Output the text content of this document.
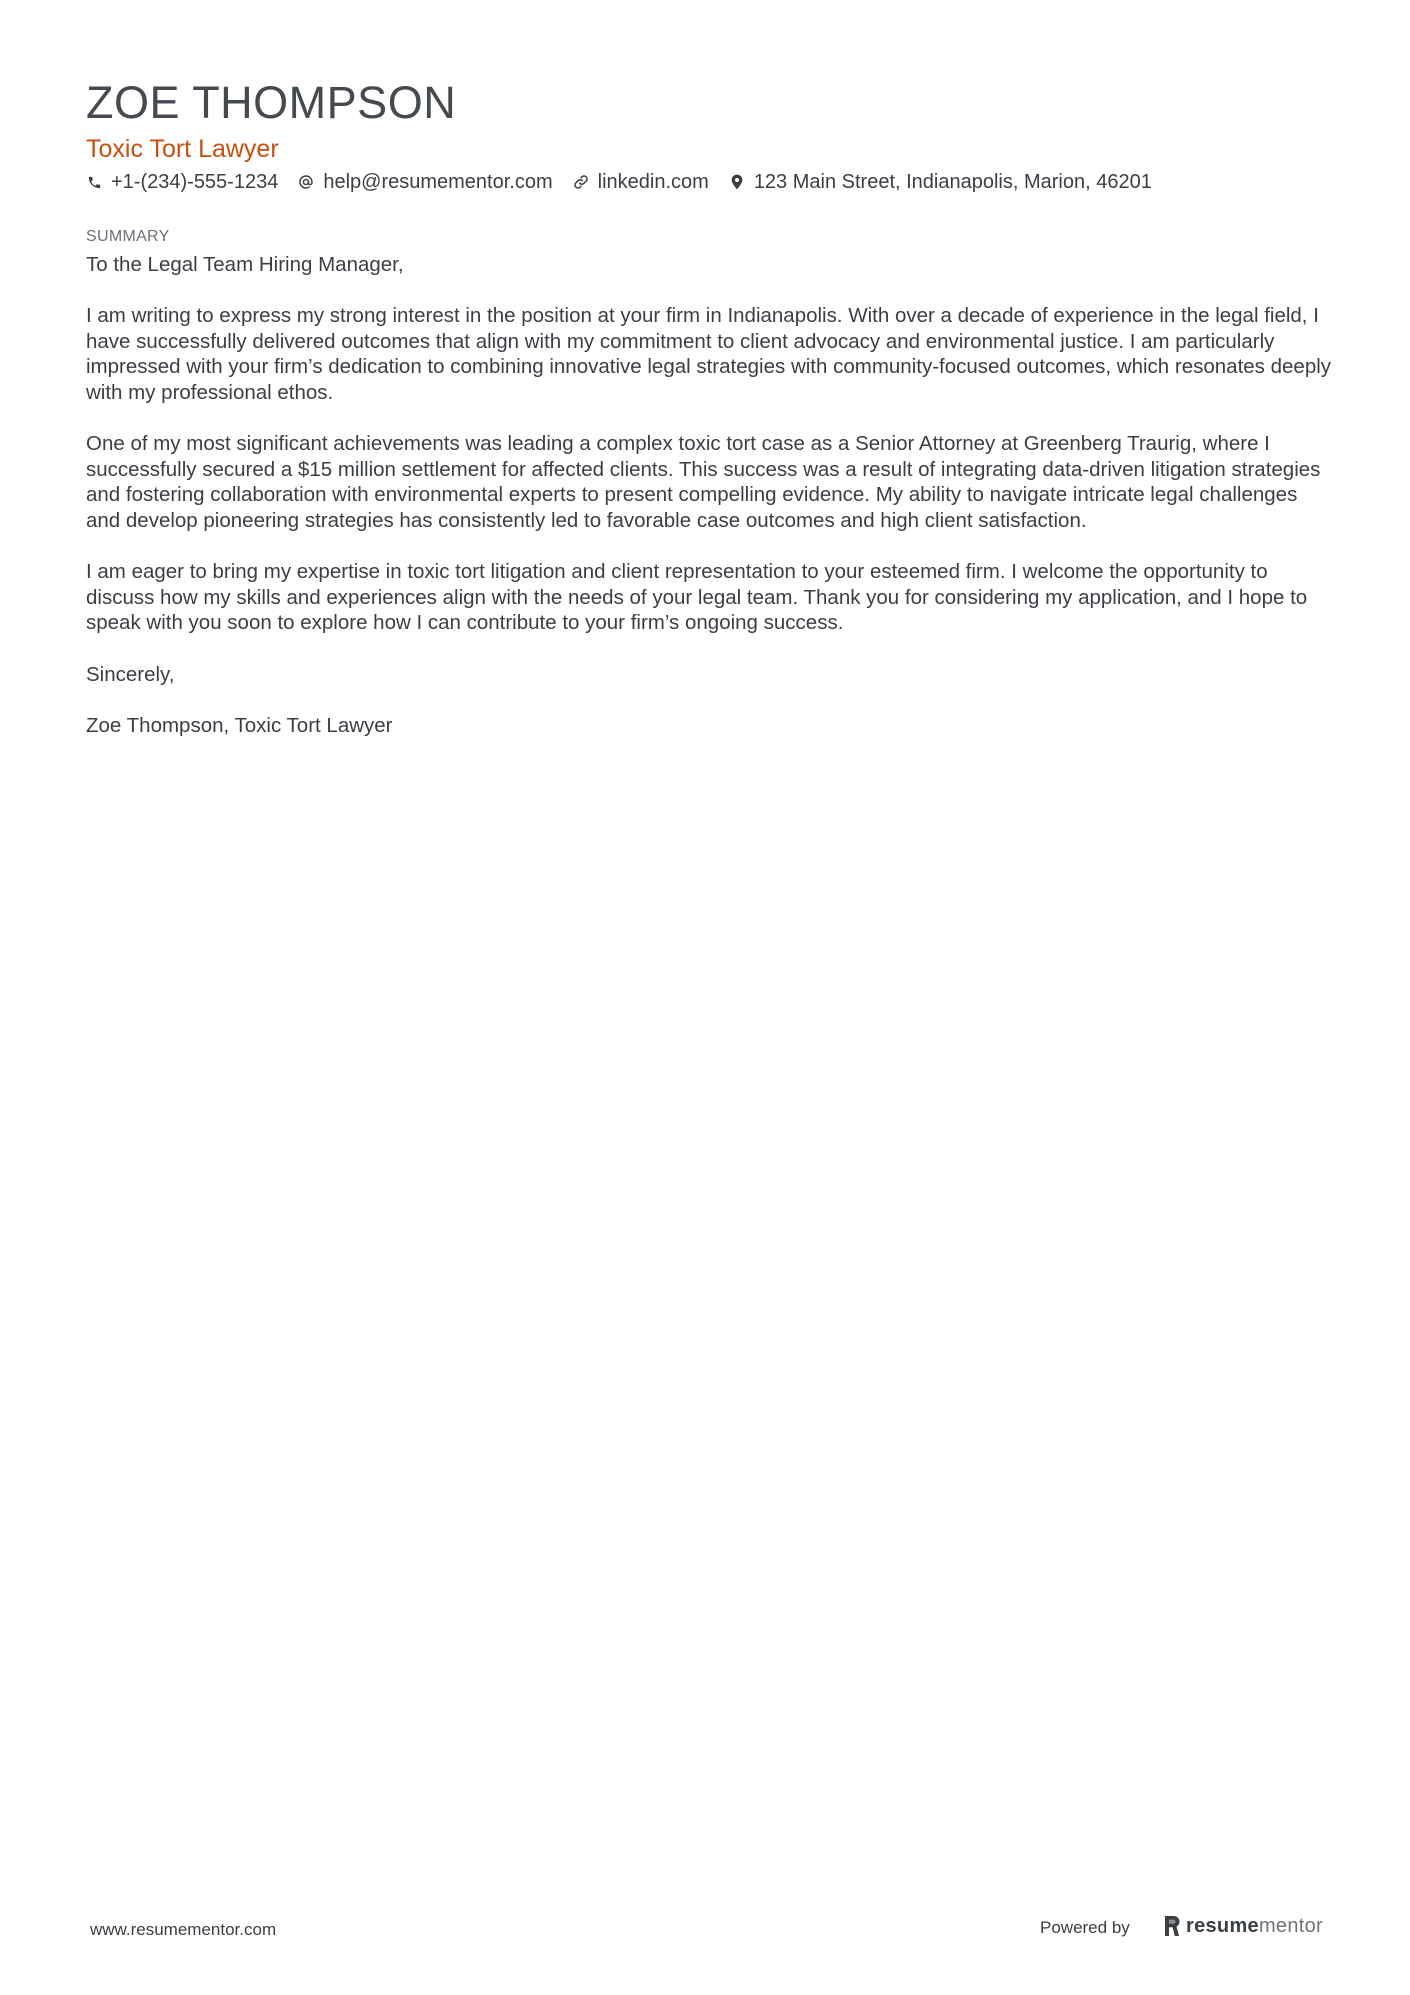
ZOE THOMPSON
Toxic Tort Lawyer
+1-(234)-555-1234 help@resumementor.com linkedin.com 123 Main Street, Indianapolis, Marion, 46201
SUMMARY

To the Legal Team Hiring Manager,

I am writing to express my strong interest in the position at your firm in Indianapolis. With over a decade of experience in the legal field, I have successfully delivered outcomes that align with my commitment to client advocacy and environmental justice. I am particularly impressed with your firm’s dedication to combining innovative legal strategies with community-focused outcomes, which resonates deeply with my professional ethos.

One of my most significant achievements was leading a complex toxic tort case as a Senior Attorney at Greenberg Traurig, where I successfully secured a $15 million settlement for affected clients. This success was a result of integrating data-driven litigation strategies and fostering collaboration with environmental experts to present compelling evidence. My ability to navigate intricate legal challenges and develop pioneering strategies has consistently led to favorable case outcomes and high client satisfaction.

I am eager to bring my expertise in toxic tort litigation and client representation to your esteemed firm. I welcome the opportunity to discuss how my skills and experiences align with the needs of your legal team. Thank you for considering my application, and I hope to speak with you soon to explore how I can contribute to your firm’s ongoing success.

Sincerely,

Zoe Thompson, Toxic Tort Lawyer

www.resumementor.com	Powered by	resume mentor
